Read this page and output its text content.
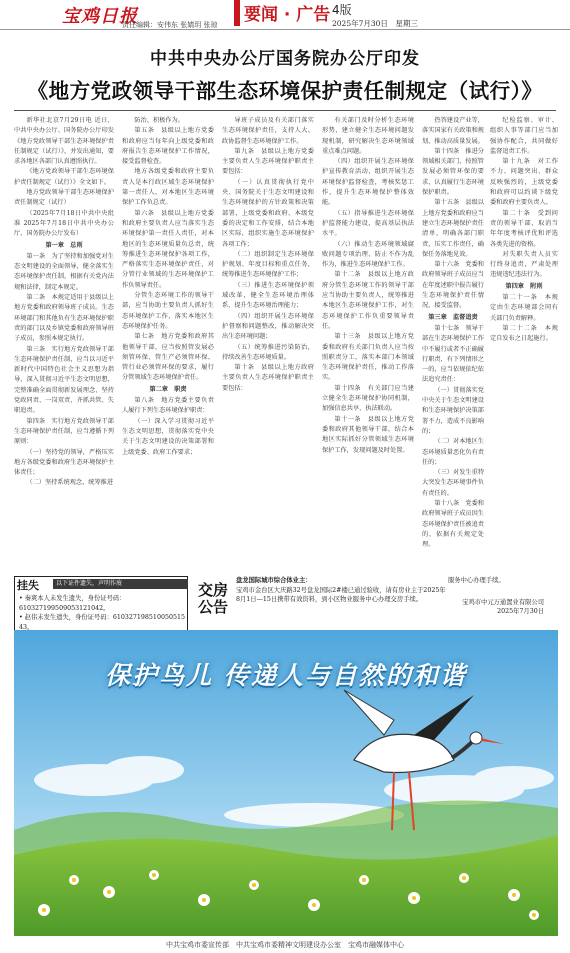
宝鸡日报
责任编辑：安伟东 张婧玥 张琼 要闻 · 广告 4版
2025年7月30日　星期三
中共中央办公厅国务院办公厅印发
《地方党政领导干部生态环境保护责任制规定（试行）》

新华社北京7月29日电 近日，中共中央办公厅、国务院办公厅印发《地方党政领导干部生态环境保护责任制规定（试行）》，并发出通知，要求各地区各部门认真遵照执行。

《地方党政领导干部生态环境保护责任制规定（试行）》全文如下。

地方党政领导干部生态环境保护责任制规定（试行）

（2025年7月18日中共中央批准 2025年7月18日中共中央办公厅、国务院办公厅发布）

第一章　总则

第一条　为了坚持和加强党对生态文明建设的全面领导，健全落实生态环境保护责任制，根据有关党内法规和法律，制定本规定。

第二条　本规定适用于县级以上地方党委和政府领导班子成员。生态环境部门和其他负有生态环境保护职责的部门以及乡镇党委和政府领导班子成员，参照本规定执行。

第三条　实行地方党政领导干部生态环境保护责任制，应当以习近平新时代中国特色社会主义思想为指导，深入贯彻习近平生态文明思想，完整准确全面贯彻新发展理念，坚持党政同责、一岗双责、齐抓共管、失职追责。

第四条　实行地方党政领导干部生态环境保护责任制，应当遵循下列原则：

（一）坚持党的领导，严格压实地方各级党委和政府生态环境保护主体责任；

（二）坚持系统观念，统筹推进

防治、积极作为。

第五条　县级以上地方党委和政府应当每年向上级党委和政府报告生态环境保护工作情况，接受监督检查。

地方各级党委和政府主要负责人是本行政区域生态环境保护第一责任人，对本地区生态环境保护工作负总责。

第六条　县级以上地方党委和政府主要负责人应当落实生态环境保护第一责任人责任，对本地区的生态环境质量负总责，统筹推进生态环境保护各项工作，严格落实生态环境保护责任，对分管行业领域的生态环境保护工作负领导责任。

分管生态环境工作的领导干部，应当协助主要负责人抓好生态环境保护工作，落实本地区生态环境保护任务。

第七条　地方党委和政府其他领导干部，应当按照管发展必须管环保、管生产必须管环保、管行业必须管环保的要求，履行分管领域生态环境保护责任。

第二章　职责

第八条　地方党委主要负责人履行下列生态环境保护职责：

（一）深入学习贯彻习近平生态文明思想，贯彻落实党中央关于生态文明建设的决策部署和上级党委、政府工作要求；

导班子成员及有关部门落实生态环境保护责任，支持人大、政协监督生态环境保护工作。

第九条　县级以上地方党委主要负责人生态环境保护职责主要包括：

（一）认真贯彻执行党中央、国务院关于生态文明建设和生态环境保护的方针政策和决策部署，上级党委和政府、本级党委的决定和工作安排，结合本地区实际，组织实施生态环境保护各项工作；

（二）组织制定生态环境保护规划、年度目标和重点任务，统筹推进生态环境保护工作；

（三）推进生态环境保护领域改革，健全生态环境治理体系，提升生态环境治理能力；

（四）组织开展生态环境保护督察和问题整改，推动解决突出生态环境问题；

（五）统筹推进污染防治，持续改善生态环境质量。

第十条　县级以上地方政府主要负责人生态环境保护职责主要包括：

有关部门及时分析生态环境形势，建立健全生态环境问题发现机制，研究解决生态环境领域重点难点问题。

（四）组织开展生态环境保护宣传教育活动，组织开展生态环境保护监督检查，考核奖惩工作，提升生态环境保护整体效能。

（五）指导推进生态环境保护监督能力建设，提高基层执法水平。

（六）推动生态环境领域腐败问题专项治理，防止不作为乱作为，推进生态环境保护工作。

第十二条　县级以上地方政府分管生态环境工作的领导干部应当协助主要负责人，统筹推进本地区生态环境保护工作，对生态环境保护工作负重要领导责任。

第十三条　县级以上地方党委和政府有关部门负责人应当按照职责分工，落实本部门本领域生态环境保护责任，推动工作落实。

第十四条　有关部门应当建立健全生态环境保护协同机制，加强信息共享、执法联动。

第十一条　县级以上地方党委和政府其他领导干部，结合本地区实际抓好分管领域生态环境保护工作，发现问题及时处置。

热答建设产业等，落实国家有关政策和规划，推动高质量发展。

第十四条　推进分领域相关部门，按照管发展必须管环保的要求，认真履行生态环境保护职责。

第十五条　县级以上地方党委和政府应当建立生态环境保护责任清单，明确各部门职责，压实工作责任，确保任务落地见效。

第十六条　党委和政府领导班子成员应当在年度述职中报告履行生态环境保护责任情况，接受监督。

第三章　监督追责

第十七条　领导干部在生态环境保护工作中不履行或者不正确履行职责，有下列情形之一的，应当依规依纪依法追究责任：

（一）贯彻落实党中央关于生态文明建设和生态环境保护决策部署不力，造成不良影响的；

（二）对本地区生态环境质量恶化负有责任的；

（三）对发生重特大突发生态环境事件负有责任的。

第十八条　党委和政府领导班子成员因生态环境保护责任被追责的，依据有关规定处理。

纪检监察、审计、组织人事等部门应当加强协作配合，共同做好监督追责工作。

第十九条　对工作不力、问题突出、群众反映强烈的，上级党委和政府可以约谈下级党委和政府主要负责人。

第二十条　受到问责的领导干部，取消当年年度考核评优和评选各类先进的资格。

对失职失责人员实行终身追责，严肃处理违规违纪违法行为。

第四章　附则

第二十一条　本规定由生态环境部会同有关部门负责解释。

第二十二条　本规定自发布之日起施行。

挂失	以下证件遗失，声明作废
• 秦爽本人未发生遗失，身份证号码：610327199509053121042。
• 赵伟未发生遗失，身份证号码：610327198510050515 43。
交房公告
盘龙国际城市综合体业主：
宝鸡市金台区大庆路32号盘龙国际2#楼已通过验收，请有房业主于2025年8月1日—15日携带有效资料，到小区物业服务中心办理交房手续。
服务中心办理手续。
宝鸡市中元万通置业有限公司
2025年7月30日
保护鸟儿 传递人与自然的和谐
中共宝鸡市委宣传部　中共宝鸡市委精神文明建设办公室　宝鸡市融媒体中心
